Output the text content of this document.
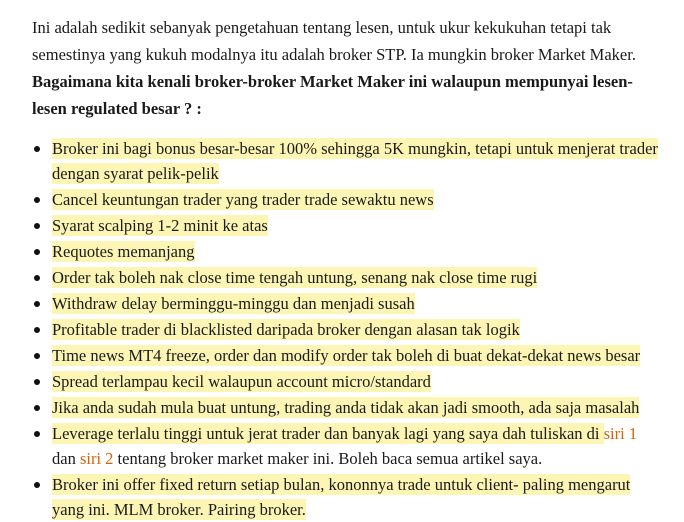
Ini adalah sedikit sebanyak pengetahuan tentang lesen, untuk ukur kekukuhan tetapi tak semestinya yang kukuh modalnya itu adalah broker STP. Ia mungkin broker Market Maker. Bagaimana kita kenali broker-broker Market Maker ini walaupun mempunyai lesen-lesen regulated besar ? :

Broker ini bagi bonus besar-besar 100% sehingga 5K mungkin, tetapi untuk menjerat trader dengan syarat pelik-pelik
Cancel keuntungan trader yang trader trade sewaktu news
Syarat scalping 1-2 minit ke atas
Requotes memanjang
Order tak boleh nak close time tengah untung, senang nak close time rugi
Withdraw delay berminggu-minggu dan menjadi susah
Profitable trader di blacklisted daripada broker dengan alasan tak logik
Time news MT4 freeze, order dan modify order tak boleh di buat dekat-dekat news besar
Spread terlampau kecil walaupun account micro/standard
Jika anda sudah mula buat untung, trading anda tidak akan jadi smooth, ada saja masalah
Leverage terlalu tinggi untuk jerat trader dan banyak lagi yang saya dah tuliskan di siri 1 dan siri 2 tentang broker market maker ini. Boleh baca semua artikel saya.
Broker ini offer fixed return setiap bulan, kononnya trade untuk client- paling mengarut yang ini. MLM broker. Pairing broker.
